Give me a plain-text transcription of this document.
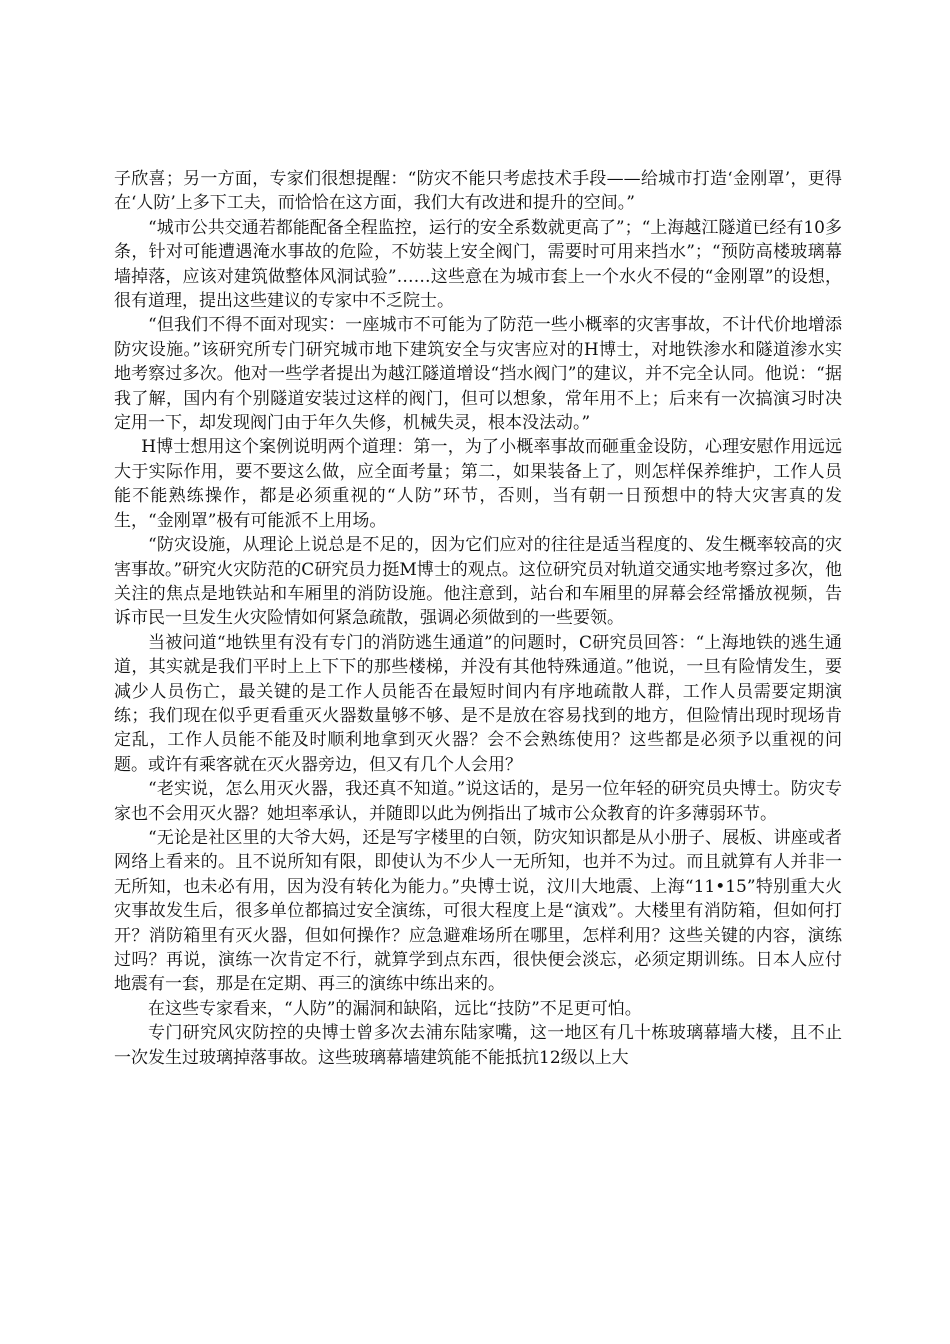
子欣喜；另一方面，专家们很想提醒：“防灾不能只考虑技术手段——给城市打造‘金刚罩’，更得在‘人防’上多下工夫，而恰恰在这方面，我们大有改进和提升的空间。”

“城市公共交通若都能配备全程监控，运行的安全系数就更高了”；“上海越江隧道已经有10多条，针对可能遭遇淹水事故的危险，不妨装上安全阀门，需要时可用来挡水”；“预防高楼玻璃幕墙掉落，应该对建筑做整体风洞试验”……这些意在为城市套上一个水火不侵的“金刚罩”的设想，很有道理，提出这些建议的专家中不乏院士。

“但我们不得不面对现实：一座城市不可能为了防范一些小概率的灾害事故，不计代价地增添防灾设施。”该研究所专门研究城市地下建筑安全与灾害应对的H博士，对地铁渗水和隧道渗水实地考察过多次。他对一些学者提出为越江隧道增设“挡水阀门”的建议，并不完全认同。他说：“据我了解，国内有个别隧道安装过这样的阀门，但可以想象，常年用不上；后来有一次搞演习时决定用一下，却发现阀门由于年久失修，机械失灵，根本没法动。”

H博士想用这个案例说明两个道理：第一，为了小概率事故而砸重金设防，心理安慰作用远远大于实际作用，要不要这么做，应全面考量；第二，如果装备上了，则怎样保养维护，工作人员能不能熟练操作，都是必须重视的“人防”环节，否则，当有朝一日预想中的特大灾害真的发生，“金刚罩”极有可能派不上用场。

“防灾设施，从理论上说总是不足的，因为它们应对的往往是适当程度的、发生概率较高的灾害事故。”研究火灾防范的C研究员力挺M博士的观点。这位研究员对轨道交通实地考察过多次，他关注的焦点是地铁站和车厢里的消防设施。他注意到，站台和车厢里的屏幕会经常播放视频，告诉市民一旦发生火灾险情如何紧急疏散，强调必须做到的一些要领。

当被问道“地铁里有没有专门的消防逃生通道”的问题时，C研究员回答：“上海地铁的逃生通道，其实就是我们平时上上下下的那些楼梯，并没有其他特殊通道。”他说，一旦有险情发生，要减少人员伤亡，最关键的是工作人员能否在最短时间内有序地疏散人群，工作人员需要定期演练；我们现在似乎更看重灭火器数量够不够、是不是放在容易找到的地方，但险情出现时现场肯定乱，工作人员能不能及时顺利地拿到灭火器？会不会熟练使用？这些都是必须予以重视的问题。或许有乘客就在灭火器旁边，但又有几个人会用？

“老实说，怎么用灭火器，我还真不知道。”说这话的，是另一位年轻的研究员央博士。防灾专家也不会用灭火器？她坦率承认，并随即以此为例指出了城市公众教育的许多薄弱环节。

“无论是社区里的大爷大妈，还是写字楼里的白领，防灾知识都是从小册子、展板、讲座或者网络上看来的。且不说所知有限，即使认为不少人一无所知，也并不为过。而且就算有人并非一无所知，也未必有用，因为没有转化为能力。”央博士说，汶川大地震、上海“11•15”特别重大火灾事故发生后，很多单位都搞过安全演练，可很大程度上是“演戏”。大楼里有消防箱，但如何打开？消防箱里有灭火器，但如何操作？应急避难场所在哪里，怎样利用？这些关键的内容，演练过吗？再说，演练一次肯定不行，就算学到点东西，很快便会淡忘，必须定期训练。日本人应付地震有一套，那是在定期、再三的演练中练出来的。

在这些专家看来，“人防”的漏洞和缺陷，远比“技防”不足更可怕。

专门研究风灾防控的央博士曾多次去浦东陆家嘴，这一地区有几十栋玻璃幕墙大楼，且不止一次发生过玻璃掉落事故。这些玻璃幕墙建筑能不能抵抗12级以上大
